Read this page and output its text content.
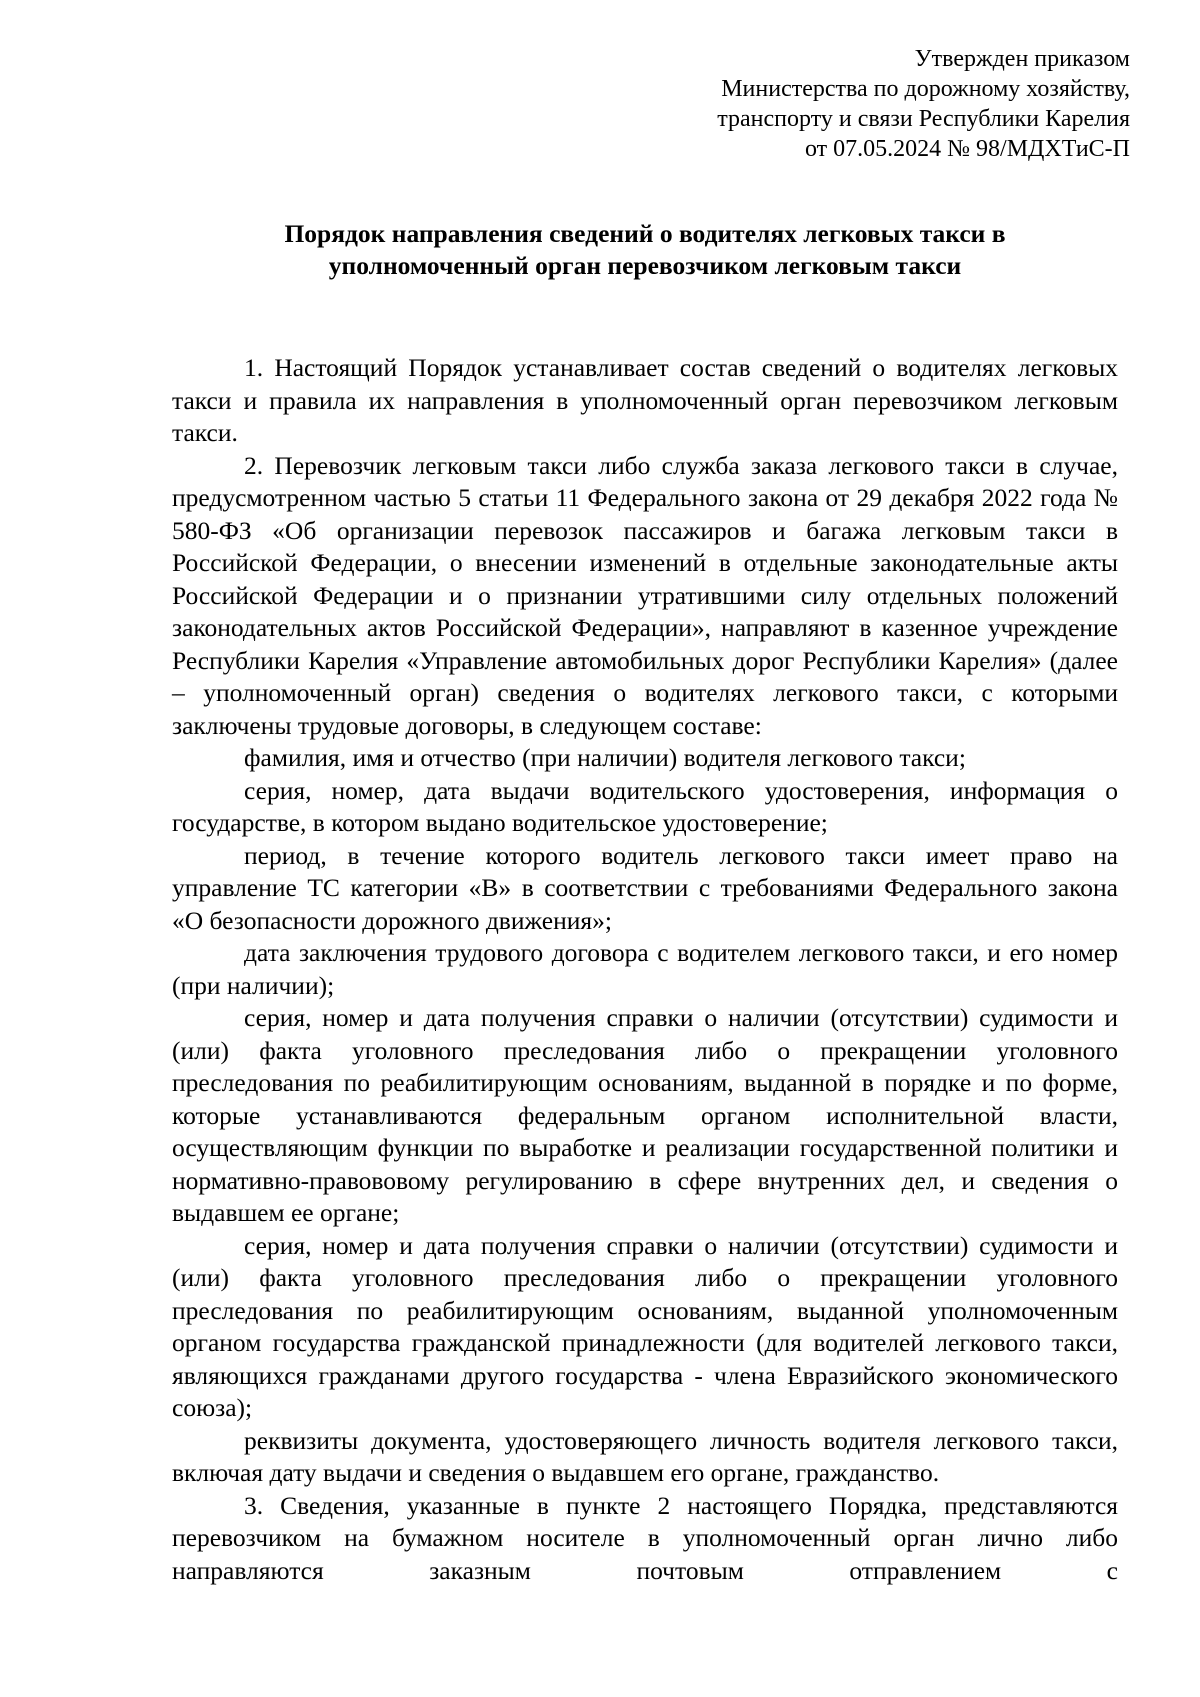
Утвержден приказом
Министерства по дорожному хозяйству,
транспорту и связи Республики Карелия
от 07.05.2024 № 98/МДХТиС-П
Порядок направления сведений о водителях легковых такси в
уполномоченный орган перевозчиком легковым такси

1. Настоящий Порядок устанавливает состав сведений о водителях легковых такси и правила их направления в уполномоченный орган перевозчиком легковым такси.

2. Перевозчик легковым такси либо служба заказа легкового такси в случае, предусмотренном частью 5 статьи 11 Федерального закона от 29 декабря 2022 года № 580-ФЗ «Об организации перевозок пассажиров и багажа легковым такси в Российской Федерации, о внесении изменений в отдельные законодательные акты Российской Федерации и о признании утратившими силу отдельных положений законодательных актов Российской Федерации», направляют в казенное учреждение Республики Карелия «Управление автомобильных дорог Республики Карелия» (далее – уполномоченный орган) сведения о водителях легкового такси, с которыми заключены трудовые договоры, в следующем составе:

фамилия, имя и отчество (при наличии) водителя легкового такси;

серия, номер, дата выдачи водительского удостоверения, информация о государстве, в котором выдано водительское удостоверение;

период, в течение которого водитель легкового такси имеет право на управление ТС категории «В» в соответствии с требованиями Федерального закона «О безопасности дорожного движения»;

дата заключения трудового договора с водителем легкового такси, и его номер (при наличии);

серия, номер и дата получения справки о наличии (отсутствии) судимости и (или) факта уголовного преследования либо о прекращении уголовного преследования по реабилитирующим основаниям, выданной в порядке и по форме, которые устанавливаются федеральным органом исполнительной власти, осуществляющим функции по выработке и реализации государственной политики и нормативно-правововому регулированию в сфере внутренних дел, и сведения о выдавшем ее органе;

серия, номер и дата получения справки о наличии (отсутствии) судимости и (или) факта уголовного преследования либо о прекращении уголовного преследования по реабилитирующим основаниям, выданной уполномоченным органом государства гражданской принадлежности (для водителей легкового такси, являющихся гражданами другого государства - члена Евразийского экономического союза);

реквизиты документа, удостоверяющего личность водителя легкового такси, включая дату выдачи и сведения о выдавшем его органе, гражданство.

3. Сведения, указанные в пункте 2 настоящего Порядка, представляются перевозчиком на бумажном носителе в уполномоченный орган лично либо направляются заказным почтовым отправлением с
